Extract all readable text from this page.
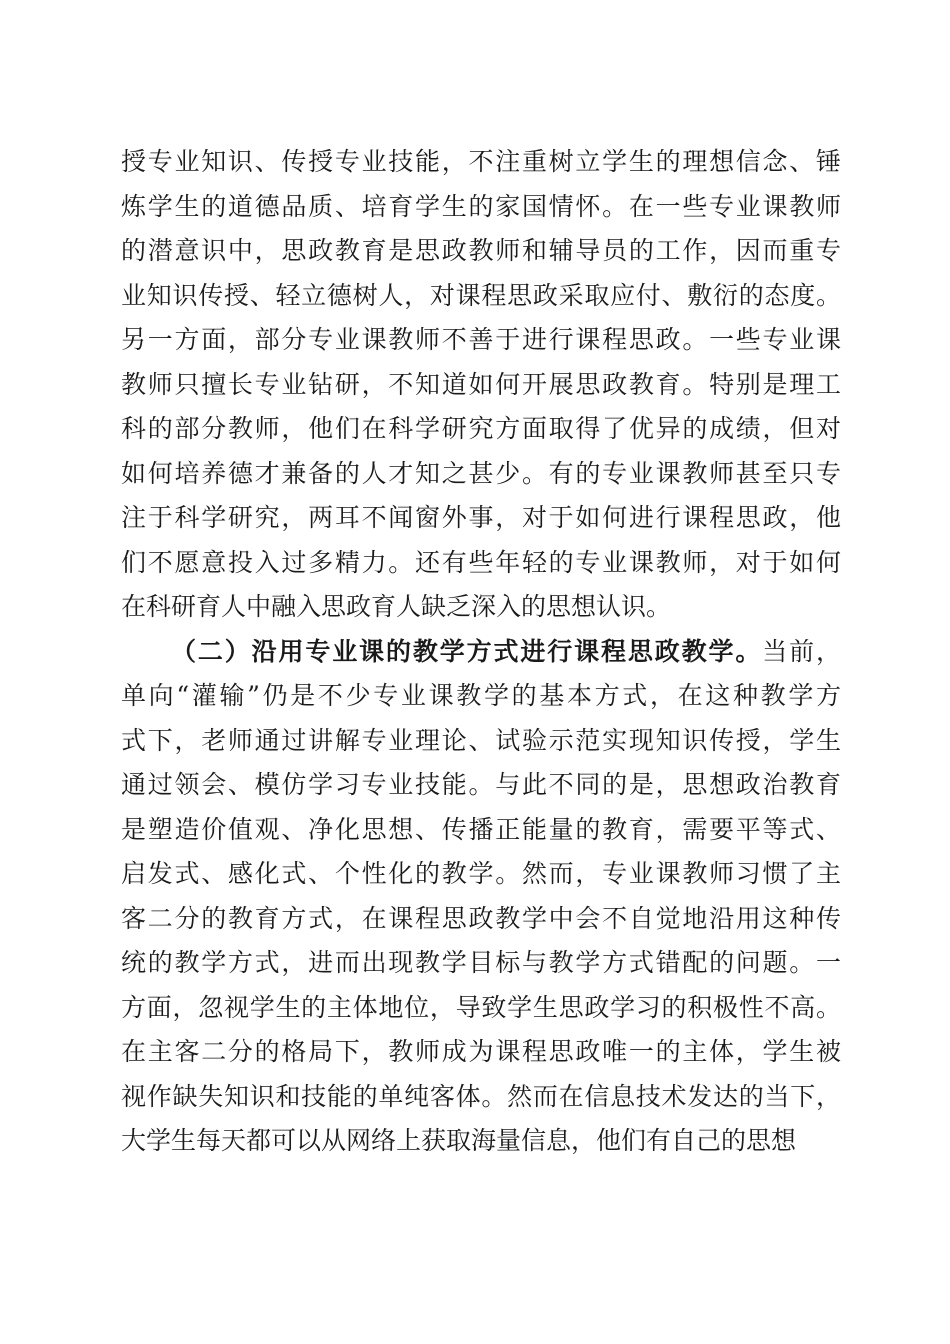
授专业知识、传授专业技能，不注重树立学生的理想信念、锤
炼学生的道德品质、培育学生的家国情怀。在一些专业课教师
的潜意识中，思政教育是思政教师和辅导员的工作，因而重专
业知识传授、轻立德树人，对课程思政采取应付、敷衍的态度。
另一方面，部分专业课教师不善于进行课程思政。一些专业课
教师只擅长专业钻研，不知道如何开展思政教育。特别是理工
科的部分教师，他们在科学研究方面取得了优异的成绩，但对
如何培养德才兼备的人才知之甚少。有的专业课教师甚至只专
注于科学研究，两耳不闻窗外事，对于如何进行课程思政，他
们不愿意投入过多精力。还有些年轻的专业课教师，对于如何
在科研育人中融入思政育人缺乏深入的思想认识。
（二）沿用专业课的教学方式进行课程思政教学。当前，
单向“灌输”仍是不少专业课教学的基本方式，在这种教学方
式下，老师通过讲解专业理论、试验示范实现知识传授，学生
通过领会、模仿学习专业技能。与此不同的是，思想政治教育
是塑造价值观、净化思想、传播正能量的教育，需要平等式、
启发式、感化式、个性化的教学。然而，专业课教师习惯了主
客二分的教育方式，在课程思政教学中会不自觉地沿用这种传
统的教学方式，进而出现教学目标与教学方式错配的问题。一
方面，忽视学生的主体地位，导致学生思政学习的积极性不高。
在主客二分的格局下，教师成为课程思政唯一的主体，学生被
视作缺失知识和技能的单纯客体。然而在信息技术发达的当下，
大学生每天都可以从网络上获取海量信息，他们有自己的思想
